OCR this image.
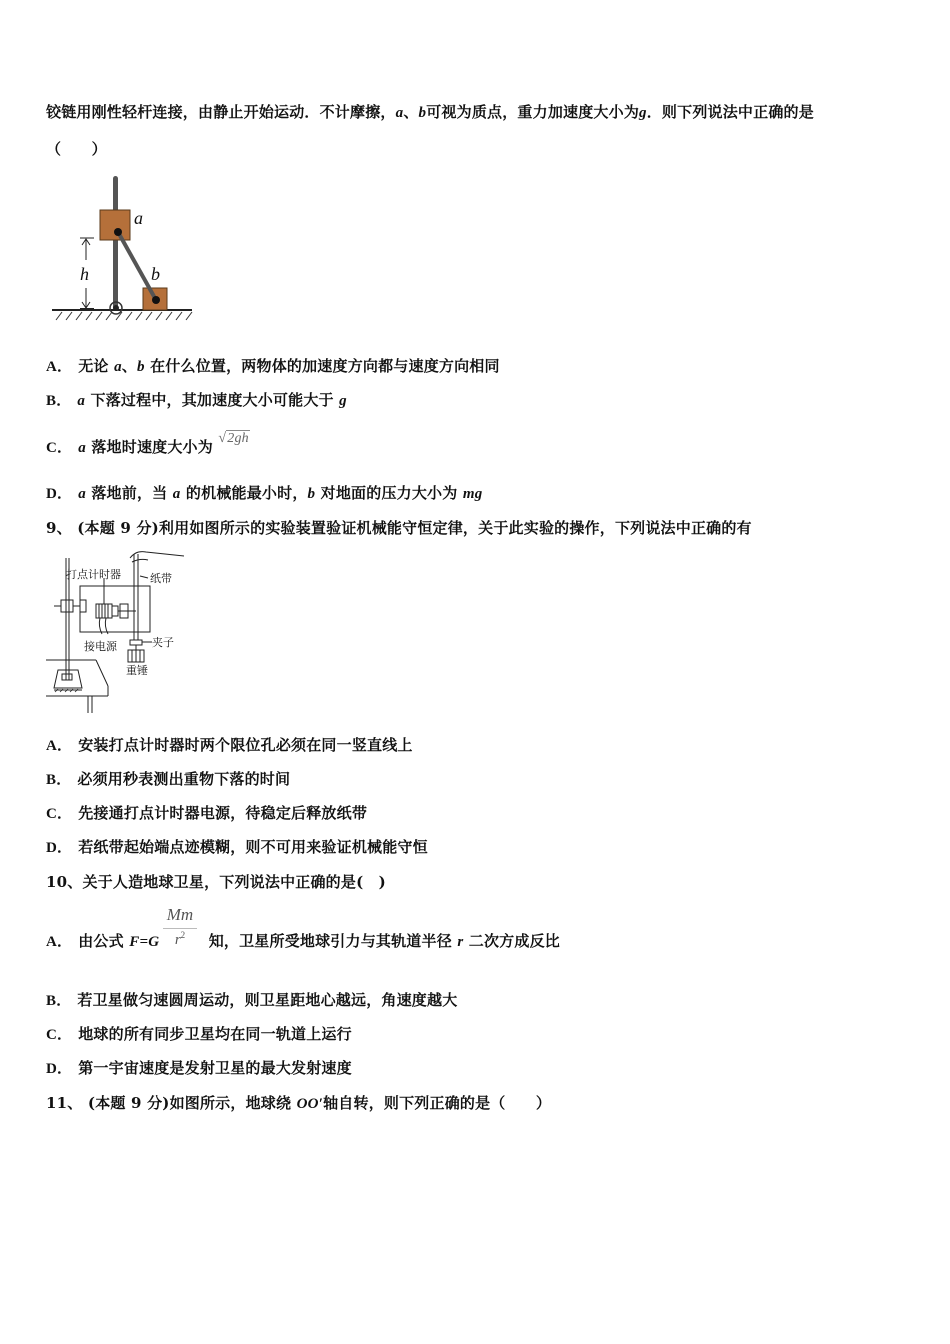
铰链用刚性轻杆连接，由静止开始运动．不计摩擦，a、b可视为质点，重力加速度大小为g．则下列说法中正确的是
（　　）
a
b
h
A． 无论 a、b 在什么位置，两物体的加速度方向都与速度方向相同
B． a 下落过程中，其加速度大小可能大于 g
C． a 落地时速度大小为 √2gh
D． a 落地前，当 a 的机械能最小时，b 对地面的压力大小为 mg
9、 (本题 9 分)利用如图所示的实验装置验证机械能守恒定律，关于此实验的操作，下列说法中正确的有
打点计时器	纸带
夹子
接电源
重锤
A． 安装打点计时器时两个限位孔必须在同一竖直线上
B． 必须用秒表测出重物下落的时间
C． 先接通打点计时器电源，待稳定后释放纸带
D． 若纸带起始端点迹模糊，则不可用来验证机械能守恒
10、关于人造地球卫星，下列说法中正确的是(　)
Mm
$r^2$
A． 由公式 F=G	知，卫星所受地球引力与其轨道半径 r 二次方成反比
B． 若卫星做匀速圆周运动，则卫星距地心越远，角速度越大
C． 地球的所有同步卫星均在同一轨道上运行
D． 第一宇宙速度是发射卫星的最大发射速度
11、 (本题 9 分)如图所示，地球绕 OO′轴自转，则下列正确的是（　　）
